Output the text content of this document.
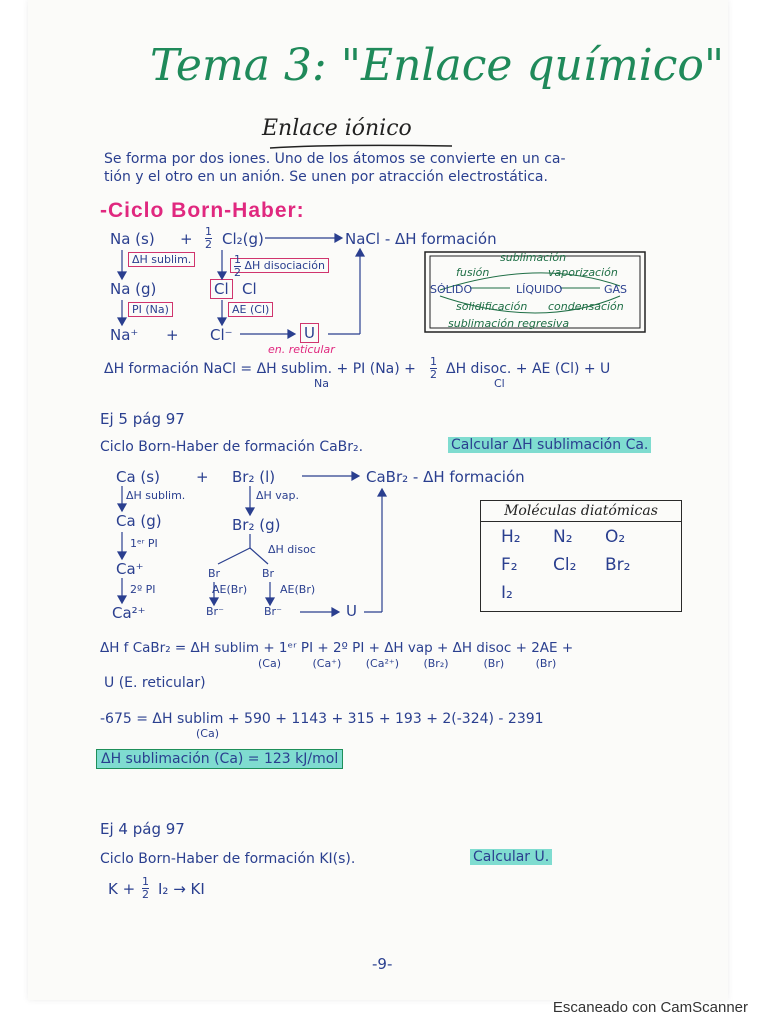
Tema 3: "Enlace químico"
Enlace iónico
Se forma por dos iones. Uno de los átomos se convierte en un ca-
tión y el otro en un anión. Se unen por atracción electrostática.
-Ciclo Born-Haber:
Na $(s) + \frac{1}{2} Cl_2(g)$	NaCl - ΔH formación
ΔH sublim.	$\frac{1}{2}$ ΔH disociación
Na (g)	Cl Cl
PI (Na)	AE (Cl)
Na⁺ + Cl⁻	U
en. reticular
sublimación
fusión	vaporización
SÓLIDO	LÍQUIDO	GAS
solidificación condensación
sublimación regresiva
ΔH formación NaCl = ΔH sublim. + PI $(Na) + \frac{1}{2}$ ΔH disoc. + AE (Cl) + U
Na	Cl
Ej 5 pág 97
Ciclo Born-Haber de formación CaBr₂.	Calcular ΔH sublimación Ca.
Ca (s) + Br₂ (l)	CaBr₂ - ΔH formación
ΔH sublim.	ΔH vap.
Ca (g)	Br₂ (g)
1ᵉʳ PI	ΔH disoc
Ca⁺	Br	Br
2º PI	AE(Br)	AE(Br)
Ca²⁺	Br⁻	Br⁻	U
Moléculas diatómicas
H₂	N₂	O₂
F₂	Cl₂	Br₂
I₂
ΔH f CaBr₂ = ΔH sublim + 1ᵉʳ PI + 2º PI + ΔH vap + ΔH disoc + 2AE +
(Ca)         (Ca⁺)       (Ca²⁺)       (Br₂)          (Br)         (Br)
U (E. reticular)
-675 = ΔH sublim + 590 + 1143 + 315 + 193 + 2(-324) - 2391
(Ca)
ΔH sublimación (Ca) = 123 kJ/mol
Ej 4 pág 97
Ciclo Born-Haber de formación KI(s).	Calcular U.
$K + \frac{1}{2} I_2$ → KI
-9-
Escaneado con CamScanner
